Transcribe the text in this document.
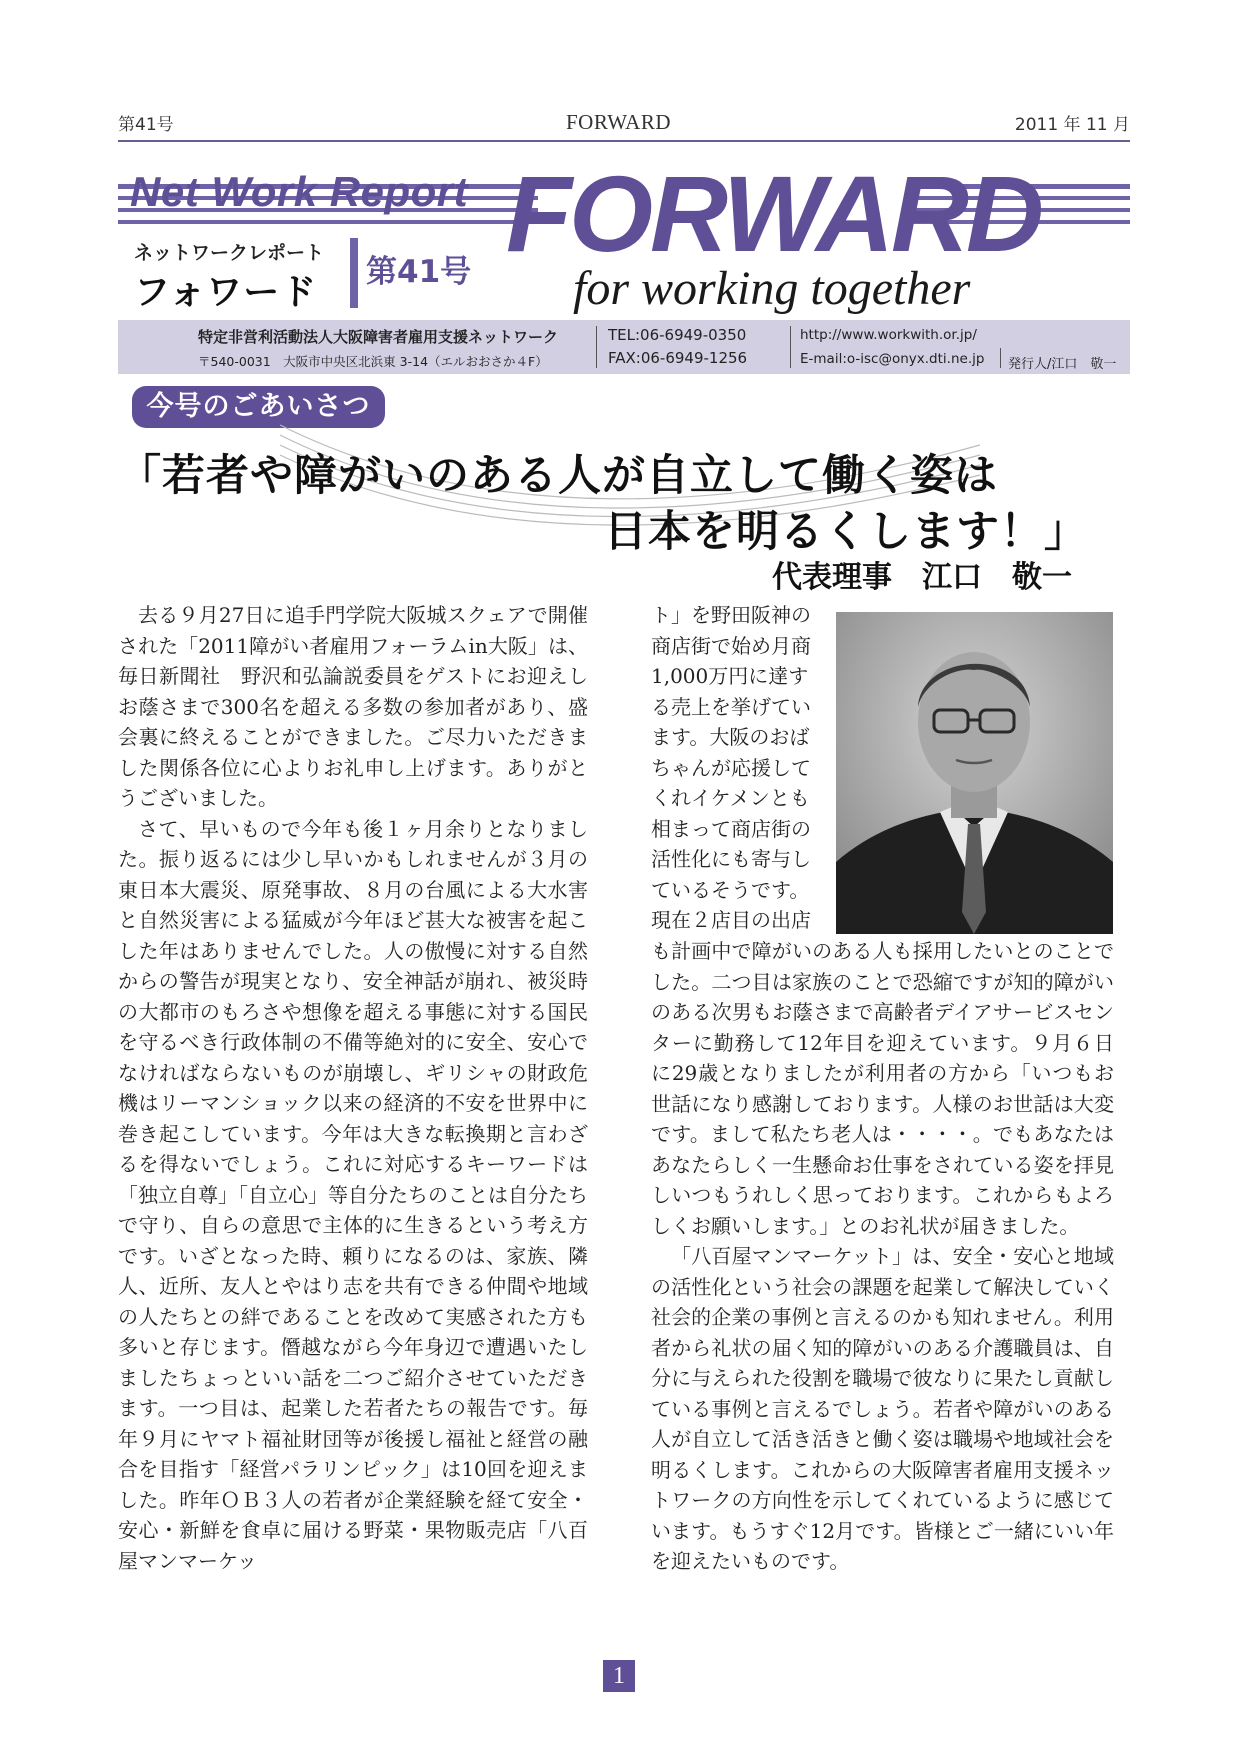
第41号	FORWARD	2011 年 11 月
Net Work Report
ネットワークレポート
フォワード 第41号 FORWARD
for working together
特定非営利活動法人大阪障害者雇用支援ネットワーク
〒540-0031　大阪市中央区北浜東 3-14（エルおおさか４F）
TEL:06-6949-0350
FAX:06-6949-1256
http://www.workwith.or.jp/
E-mail:o-isc@onyx.dti.ne.jp 発行人/江口　敬一
今号のごあいさつ
「若者や障がいのある人が自立して働く姿は
日本を明るくします！」
代表理事　江口　敬一

去る９月27日に追手門学院大阪城スクェアで開催された「2011障がい者雇用フォーラムin大阪」は、毎日新聞社　野沢和弘論説委員をゲストにお迎えしお蔭さまで300名を超える多数の参加者があり、盛会裏に終えることができました。ご尽力いただきました関係各位に心よりお礼申し上げます。ありがとうございました。

さて、早いもので今年も後１ヶ月余りとなりました。振り返るには少し早いかもしれませんが３月の東日本大震災、原発事故、８月の台風による大水害と自然災害による猛威が今年ほど甚大な被害を起こした年はありませんでした。人の傲慢に対する自然からの警告が現実となり、安全神話が崩れ、被災時の大都市のもろさや想像を超える事態に対する国民を守るべき行政体制の不備等絶対的に安全、安心でなければならないものが崩壊し、ギリシャの財政危機はリーマンショック以来の経済的不安を世界中に巻き起こしています。今年は大きな転換期と言わざるを得ないでしょう。これに対応するキーワードは「独立自尊」「自立心」等自分たちのことは自分たちで守り、自らの意思で主体的に生きるという考え方です。いざとなった時、頼りになるのは、家族、隣人、近所、友人とやはり志を共有できる仲間や地域の人たちとの絆であることを改めて実感された方も多いと存じます。僭越ながら今年身辺で遭遇いたしましたちょっといい話を二つご紹介させていただきます。一つ目は、起業した若者たちの報告です。毎年９月にヤマト福祉財団等が後援し福祉と経営の融合を目指す「経営パラリンピック」は10回を迎えました。昨年ＯＢ３人の若者が企業経験を経て安全・安心・新鮮を食卓に届ける野菜・果物販売店「八百屋マンマーケッ

ト」を野田阪神の
商店街で始め月商
1,000万円に達す
る売上を挙げてい
ます。大阪のおば
ちゃんが応援して
くれイケメンとも
相まって商店街の
活性化にも寄与し
ているそうです。
現在２店目の出店

も計画中で障がいのある人も採用したいとのことでした。二つ目は家族のことで恐縮ですが知的障がいのある次男もお蔭さまで高齢者デイアサービスセンターに勤務して12年目を迎えています。９月６日に29歳となりましたが利用者の方から「いつもお世話になり感謝しております。人様のお世話は大変です。まして私たち老人は・・・・。でもあなたはあなたらしく一生懸命お仕事をされている姿を拝見しいつもうれしく思っております。これからもよろしくお願いします。」とのお礼状が届きました。

「八百屋マンマーケット」は、安全・安心と地域の活性化という社会の課題を起業して解決していく社会的企業の事例と言えるのかも知れません。利用者から礼状の届く知的障がいのある介護職員は、自分に与えられた役割を職場で彼なりに果たし貢献している事例と言えるでしょう。若者や障がいのある人が自立して活き活きと働く姿は職場や地域社会を明るくします。これからの大阪障害者雇用支援ネットワークの方向性を示してくれているように感じています。もうすぐ12月です。皆様とご一緒にいい年を迎えたいものです。

1
